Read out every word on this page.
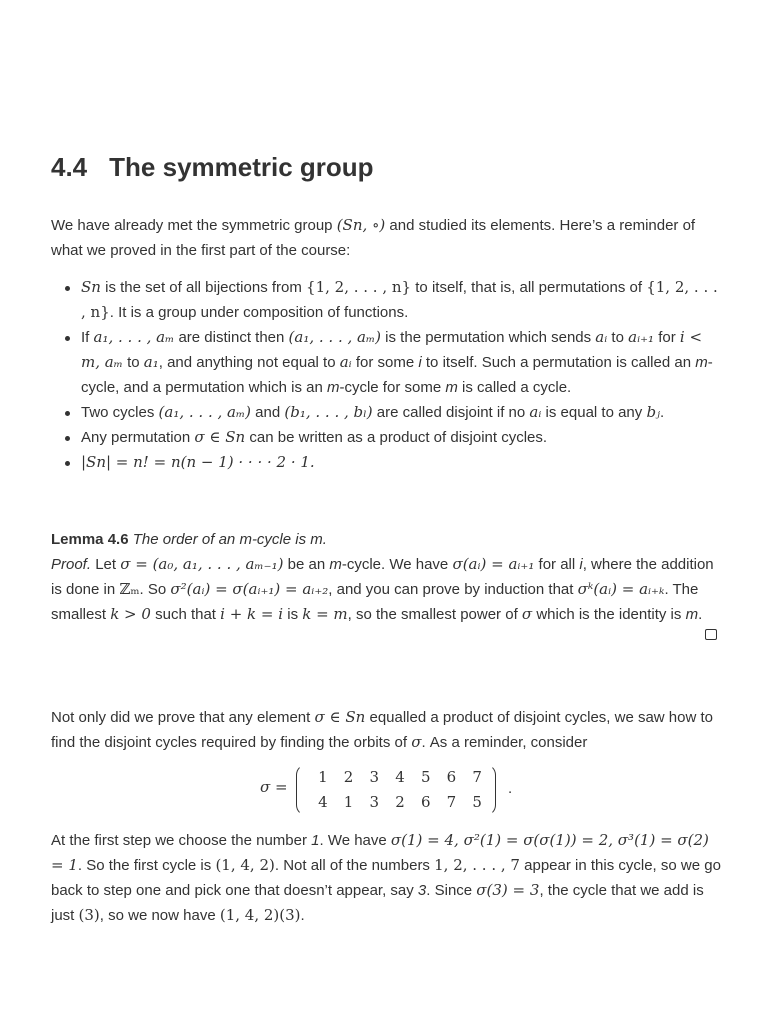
4.4 The symmetric group

We have already met the symmetric group (Sn, ∘) and studied its elements. Here’s a reminder of what we proved in the first part of the course:

Sn is the set of all bijections from {1, 2, . . . , n} to itself, that is, all permutations of {1, 2, . . . , n}. It is a group under composition of functions.
If a₁, . . . , aₘ are distinct then (a₁, . . . , aₘ) is the permutation which sends aᵢ to aᵢ₊₁ for i < m, aₘ to a₁, and anything not equal to aᵢ for some i to itself. Such a permutation is called an m-cycle, and a permutation which is an m-cycle for some m is called a cycle.
Two cycles (a₁, . . . , aₘ) and (b₁, . . . , bₗ) are called disjoint if no aᵢ is equal to any bⱼ.
Any permutation σ ∈ Sn can be written as a product of disjoint cycles.
|Sn| = n! = n(n − 1) · · · · 2 · 1.

Lemma 4.6 The order of an m-cycle is m.

Proof. Let σ = (a₀, a₁, . . . , aₘ₋₁) be an m-cycle. We have σ(aᵢ) = aᵢ₊₁ for all i, where the addition is done in ℤₘ. So σ²(aᵢ) = σ(aᵢ₊₁) = aᵢ₊₂, and you can prove by induction that σᵏ(aᵢ) = aᵢ₊ₖ. The smallest k > 0 such that i + k = i is k = m, so the smallest power of σ which is the identity is m.

Not only did we prove that any element σ ∈ Sn equalled a product of disjoint cycles, we saw how to find the disjoint cycles required by finding the orbits of σ. As a reminder, consider

σ =
1	2	3	4	5	6	7
4	1	3	2	6	7	5
.

At the first step we choose the number 1. We have σ(1) = 4, σ²(1) = σ(σ(1)) = 2, σ³(1) = σ(2) = 1. So the first cycle is (1, 4, 2). Not all of the numbers 1, 2, . . . , 7 appear in this cycle, so we go back to step one and pick one that doesn’t appear, say 3. Since σ(3) = 3, the cycle that we add is just (3), so we now have (1, 4, 2)(3).
